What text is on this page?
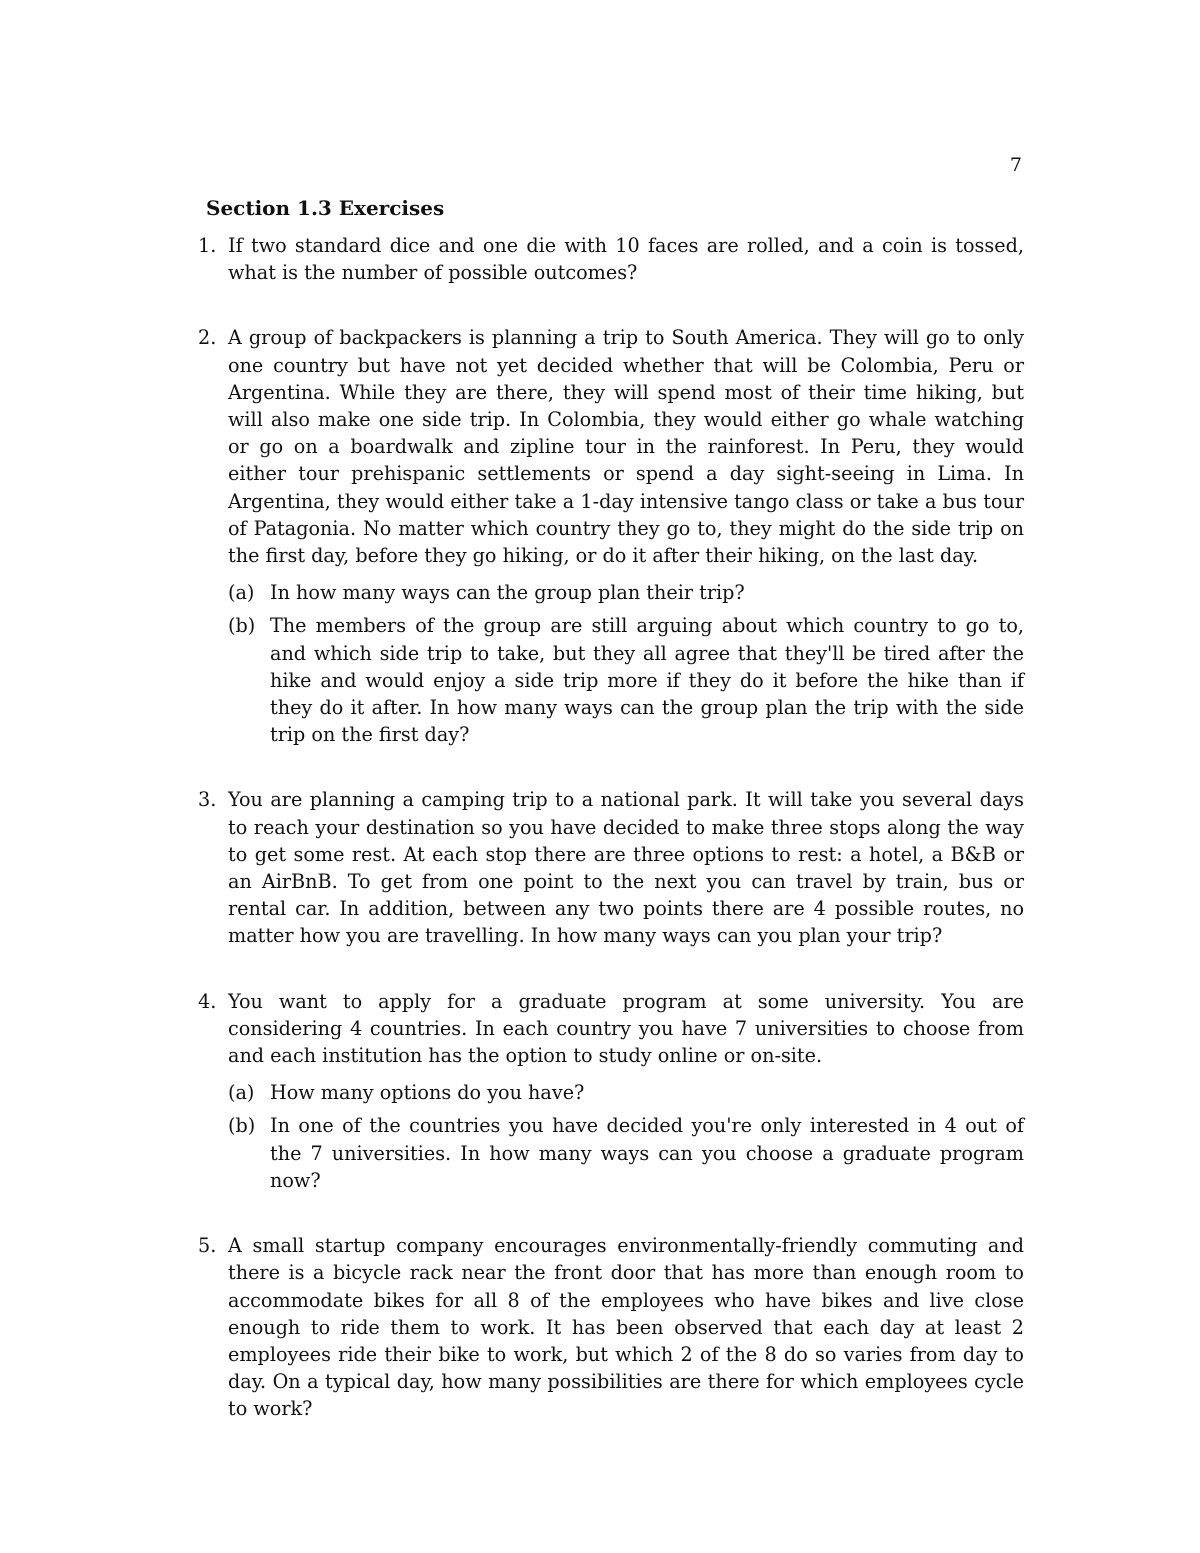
7
Section 1.3 Exercises
1. If two standard dice and one die with 10 faces are rolled, and a coin is tossed, what is the number of possible outcomes?
2. A group of backpackers is planning a trip to South America. They will go to only one country but have not yet decided whether that will be Colombia, Peru or Argentina. While they are there, they will spend most of their time hiking, but will also make one side trip. In Colombia, they would either go whale watching or go on a boardwalk and zipline tour in the rainforest. In Peru, they would either tour prehispanic settlements or spend a day sight-seeing in Lima. In Argentina, they would either take a 1-day intensive tango class or take a bus tour of Patagonia. No matter which country they go to, they might do the side trip on the first day, before they go hiking, or do it after their hiking, on the last day.
(a) In how many ways can the group plan their trip?
(b) The members of the group are still arguing about which country to go to, and which side trip to take, but they all agree that they'll be tired after the hike and would enjoy a side trip more if they do it before the hike than if they do it after. In how many ways can the group plan the trip with the side trip on the first day?
3. You are planning a camping trip to a national park. It will take you several days to reach your destination so you have decided to make three stops along the way to get some rest. At each stop there are three options to rest: a hotel, a B&B or an AirBnB. To get from one point to the next you can travel by train, bus or rental car. In addition, between any two points there are 4 possible routes, no matter how you are travelling. In how many ways can you plan your trip?
4. You want to apply for a graduate program at some university. You are considering 4 countries. In each country you have 7 universities to choose from and each institution has the option to study online or on-site.
(a) How many options do you have?
(b) In one of the countries you have decided you're only interested in 4 out of the 7 universities. In how many ways can you choose a graduate program now?
5. A small startup company encourages environmentally-friendly commuting and there is a bicycle rack near the front door that has more than enough room to accommodate bikes for all 8 of the employees who have bikes and live close enough to ride them to work. It has been observed that each day at least 2 employees ride their bike to work, but which 2 of the 8 do so varies from day to day. On a typical day, how many possibilities are there for which employees cycle to work?
